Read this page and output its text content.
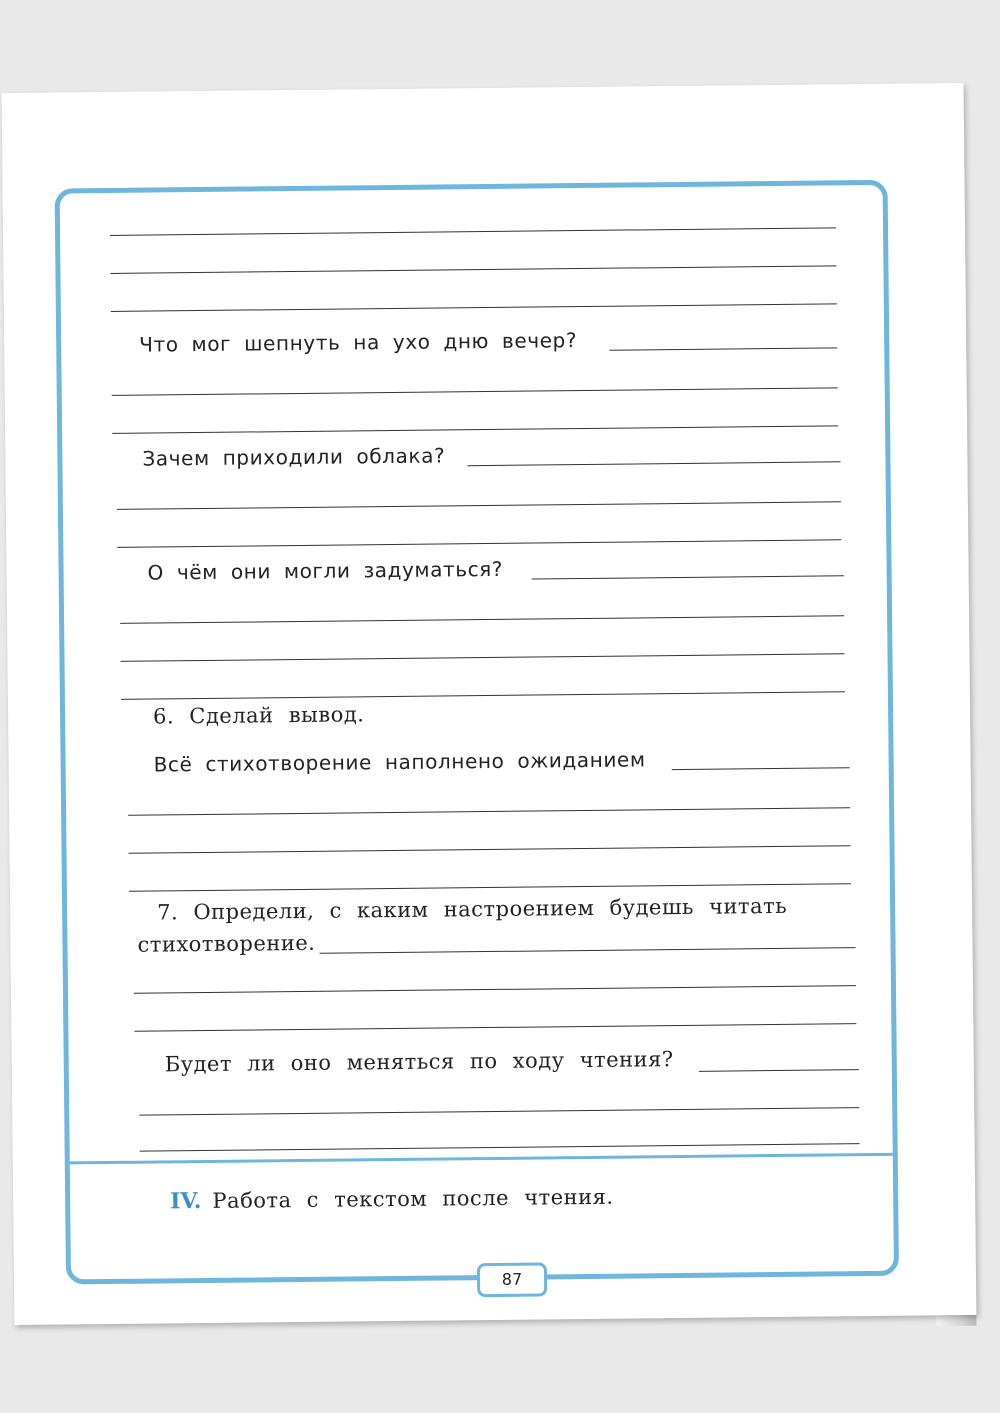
Что мог шепнуть на ухо дню вечер?
Зачем приходили облака?
О чём они могли задуматься?
6. Сделай вывод.
Всё стихотворение наполнено ожиданием
7. Определи, с каким настроением будешь читать
стихотворение.
Будет ли оно меняться по ходу чтения?
IV. Работа с текстом после чтения.
87
